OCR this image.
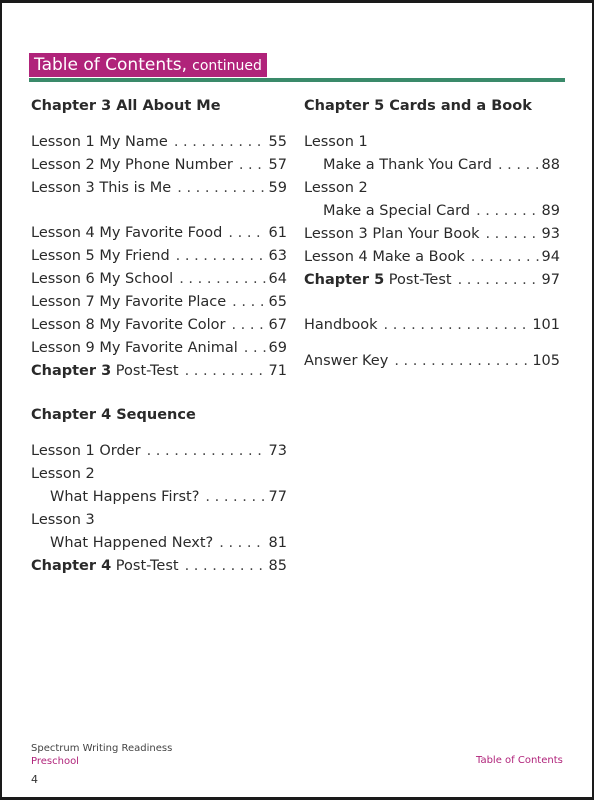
Table of Contents, continued
Chapter 3 All About Me
Lesson 1 My Name . . .	55
Lesson 2 My Phone Number . . . 57
Lesson 3 This is Me . . .	59
Lesson 4 My Favorite Food . . .	61
Lesson 5 My Friend . . .	63
Lesson 6 My School . . .	64
Lesson 7 My Favorite Place . . .	65
Lesson 8 My Favorite Color . . .	67
Lesson 9 My Favorite Animal . . . 69
Chapter 3 Post-Test . . .	71
Chapter 4 Sequence
Lesson 1 Order . . .	73
Lesson 2
What Happens First? . . .	77
Lesson 3
What Happened Next? . . .	81
Chapter 4 Post-Test . . .	85
Chapter 5 Cards and a Book
Lesson 1
Make a Thank You Card . . .	88
Lesson 2
Make a Special Card . . .	89
Lesson 3 Plan Your Book . . .	93
Lesson 4 Make a Book . . .	94
Chapter 5 Post-Test . . .	97
Handbook . . .	101
Answer Key . . .	105
Spectrum Writing Readiness
Preschool
4
Table of Contents
